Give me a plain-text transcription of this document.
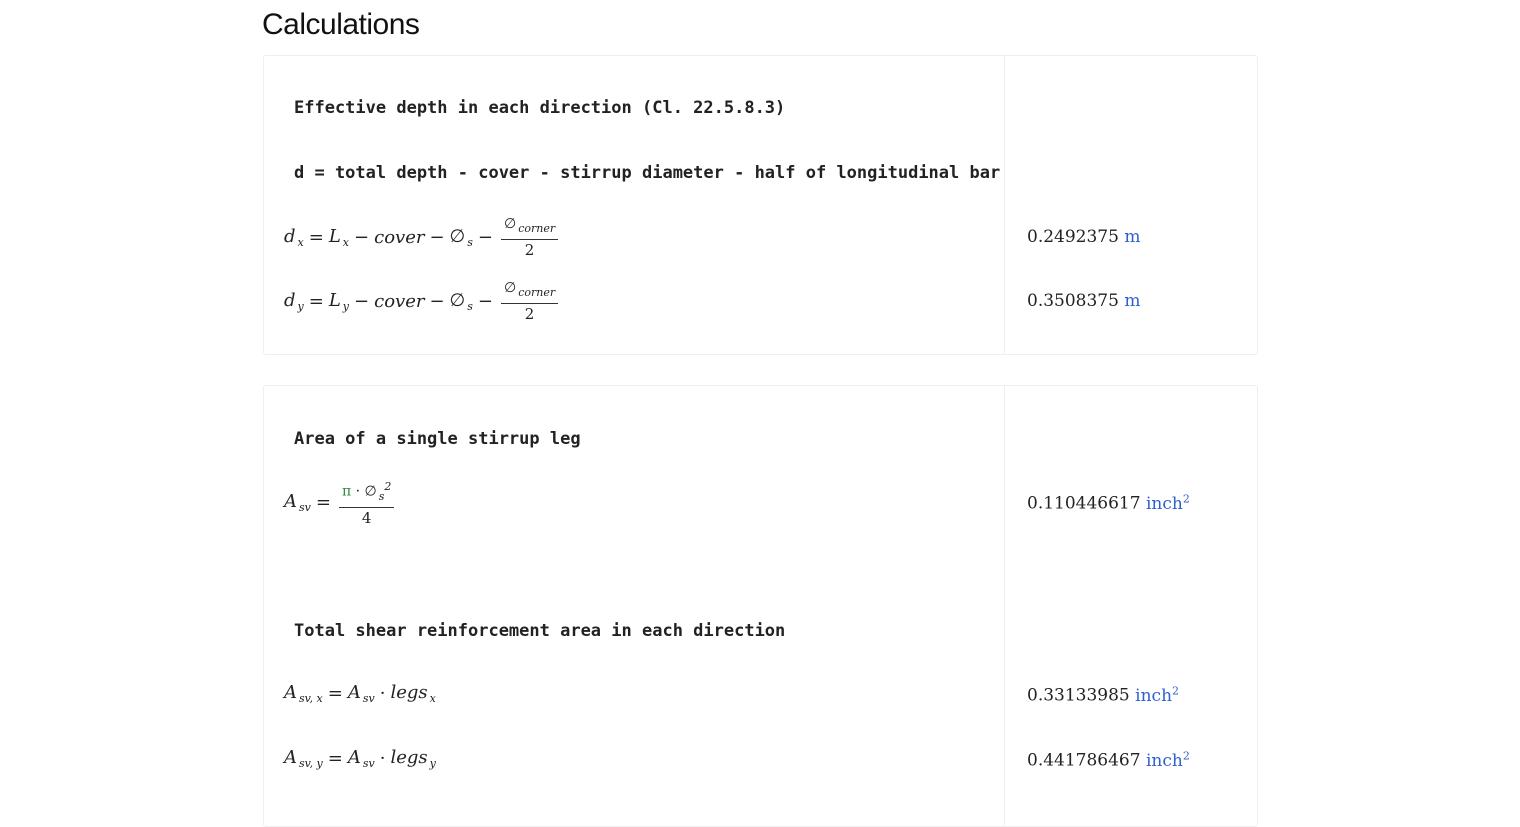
Calculations
Effective depth in each direction (Cl. 22.5.8.3)
d = total depth - cover - stirrup diameter - half of longitudinal bar
d $_x$ = L $_x$ − cover − ∅ $_s - \frac{\emptyset _{corner}}{2}$	0.2492375 m
d $_y$ = L $_y$ − cover − ∅ $_s - \frac{\emptyset _{corner}}{2}$	0.3508375 m
Area of a single stirrup leg
A $_{sv} = \frac{\pi \cdot \emptyset _s^2}{4}$	0.110446617 inch$^2$
Total shear reinforcement area in each direction
A $_{sv, x}$ = A $_{sv}$ · legs $_x$	0.33133985 inch$^2$
A $_{sv, y}$ = A $_{sv}$ · legs $_y$	0.441786467 inch$^2$
